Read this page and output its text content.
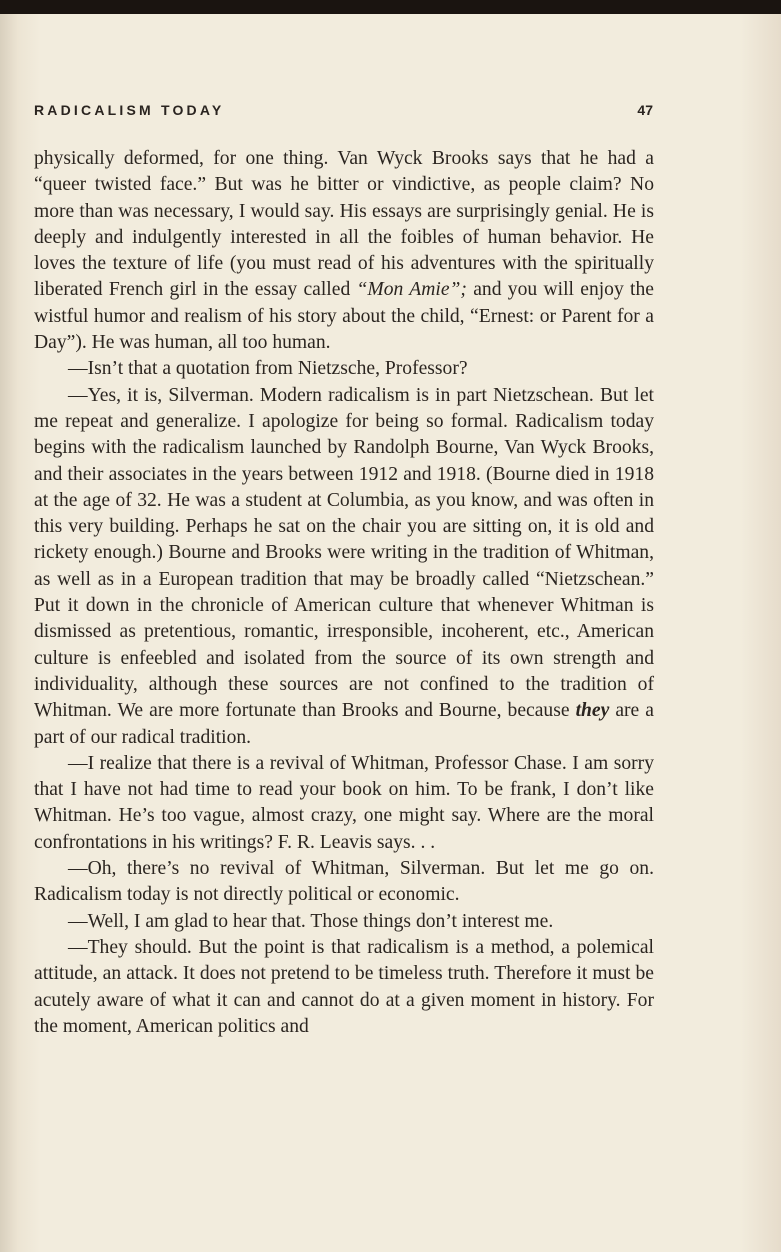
RADICALISM TODAY	47

physically deformed, for one thing. Van Wyck Brooks says that he had a “queer twisted face.” But was he bitter or vindictive, as people claim? No more than was necessary, I would say. His essays are surprisingly genial. He is deeply and indulgently interested in all the foibles of human behavior. He loves the texture of life (you must read of his adventures with the spiritually liberated French girl in the essay called “Mon Amie”; and you will enjoy the wistful humor and realism of his story about the child, “Ernest: or Parent for a Day”). He was human, all too human.

—Isn’t that a quotation from Nietzsche, Professor?

—Yes, it is, Silverman. Modern radicalism is in part Nietzschean. But let me repeat and generalize. I apologize for being so formal. Radicalism today begins with the radicalism launched by Randolph Bourne, Van Wyck Brooks, and their associates in the years between 1912 and 1918. (Bourne died in 1918 at the age of 32. He was a student at Columbia, as you know, and was often in this very building. Perhaps he sat on the chair you are sitting on, it is old and rickety enough.) Bourne and Brooks were writing in the tradition of Whitman, as well as in a European tradition that may be broadly called “Nietzschean.” Put it down in the chronicle of American culture that whenever Whitman is dismissed as pretentious, romantic, irresponsible, incoherent, etc., American culture is enfeebled and isolated from the source of its own strength and individuality, although these sources are not confined to the tradition of Whitman. We are more fortunate than Brooks and Bourne, because they are a part of our radical tradition.

—I realize that there is a revival of Whitman, Professor Chase. I am sorry that I have not had time to read your book on him. To be frank, I don’t like Whitman. He’s too vague, almost crazy, one might say. Where are the moral confrontations in his writings? F. R. Leavis says. . .

—Oh, there’s no revival of Whitman, Silverman. But let me go on. Radicalism today is not directly political or economic.

—Well, I am glad to hear that. Those things don’t interest me.

—They should. But the point is that radicalism is a method, a polemical attitude, an attack. It does not pretend to be timeless truth. Therefore it must be acutely aware of what it can and cannot do at a given moment in history. For the moment, American politics and
